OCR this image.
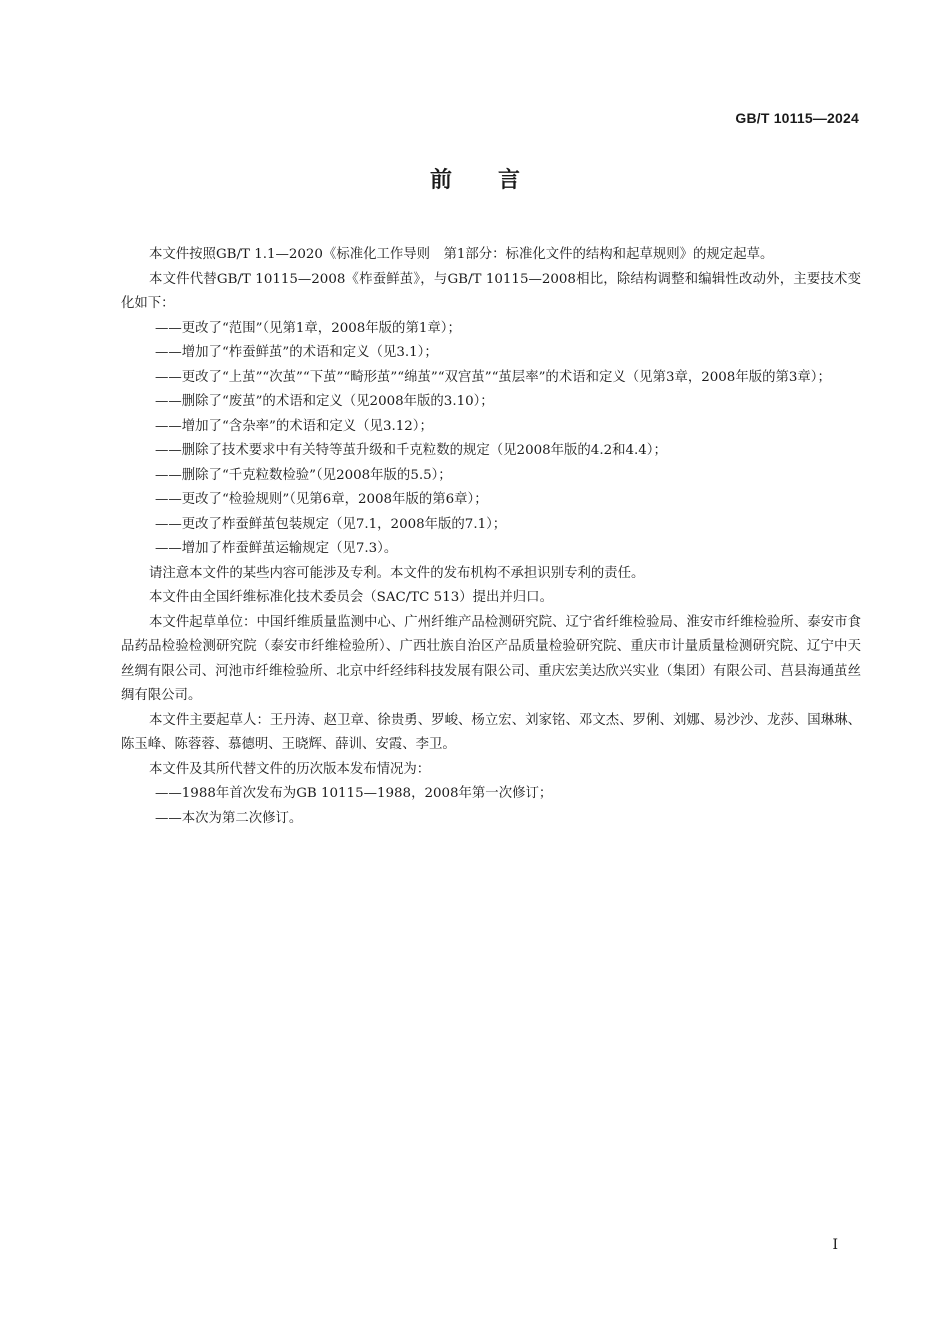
GB/T 10115—2024
前言

本文件按照GB/T 1.1—2020《标准化工作导则　第1部分：标准化文件的结构和起草规则》的规定起草。

本文件代替GB/T 10115—2008《柞蚕鲜茧》，与GB/T 10115—2008相比，除结构调整和编辑性改动外，主要技术变化如下：

——更改了“范围”（见第1章，2008年版的第1章）；

——增加了“柞蚕鲜茧”的术语和定义（见3.1）；

——更改了“上茧”“次茧”“下茧”“畸形茧”“绵茧”“双宫茧”“茧层率”的术语和定义（见第3章，2008年版的第3章）；

——删除了“废茧”的术语和定义（见2008年版的3.10）；

——增加了“含杂率”的术语和定义（见3.12）；

——删除了技术要求中有关特等茧升级和千克粒数的规定（见2008年版的4.2和4.4）；

——删除了“千克粒数检验”（见2008年版的5.5）；

——更改了“检验规则”（见第6章，2008年版的第6章）；

——更改了柞蚕鲜茧包装规定（见7.1，2008年版的7.1）；

——增加了柞蚕鲜茧运输规定（见7.3）。

请注意本文件的某些内容可能涉及专利。本文件的发布机构不承担识别专利的责任。

本文件由全国纤维标准化技术委员会（SAC/TC 513）提出并归口。

本文件起草单位：中国纤维质量监测中心、广州纤维产品检测研究院、辽宁省纤维检验局、淮安市纤维检验所、泰安市食品药品检验检测研究院（泰安市纤维检验所）、广西壮族自治区产品质量检验研究院、重庆市计量质量检测研究院、辽宁中天丝绸有限公司、河池市纤维检验所、北京中纤经纬科技发展有限公司、重庆宏美达欣兴实业（集团）有限公司、莒县海通茧丝绸有限公司。

本文件主要起草人：王丹涛、赵卫章、徐贵勇、罗峻、杨立宏、刘家铭、邓文杰、罗俐、刘娜、易沙沙、龙莎、国琳琳、陈玉峰、陈蓉蓉、慕德明、王晓辉、薛训、安霞、李卫。

本文件及其所代替文件的历次版本发布情况为：

——1988年首次发布为GB 10115—1988，2008年第一次修订；

——本次为第二次修订。

I
